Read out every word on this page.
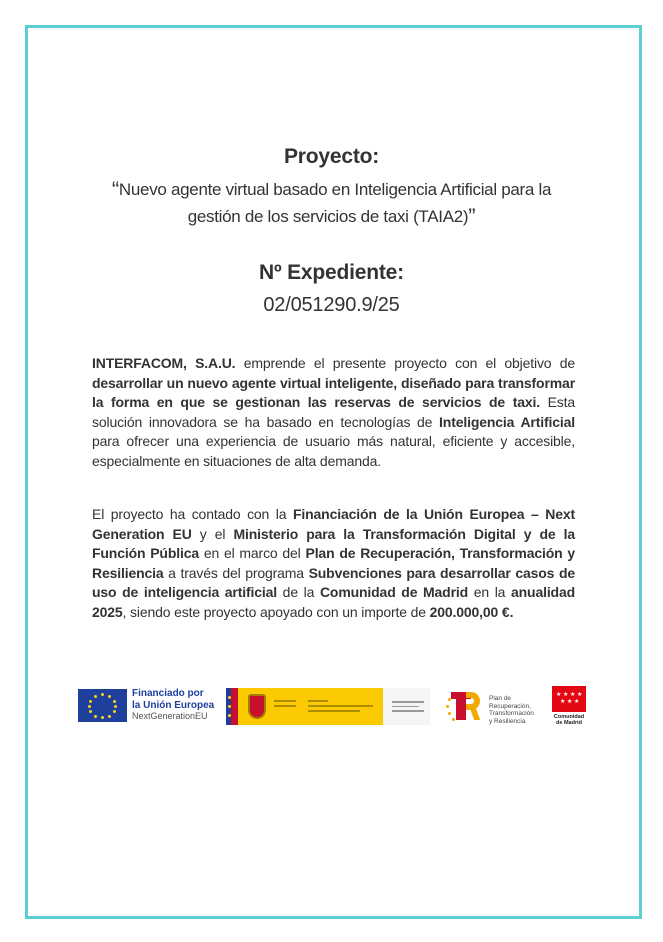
Proyecto:
“Nuevo agente virtual basado en Inteligencia Artificial para la gestión de los servicios de taxi (TAIA2)”
Nº Expediente:
02/051290.9/25
INTERFACOM, S.A.U. emprende el presente proyecto con el objetivo de desarrollar un nuevo agente virtual inteligente, diseñado para transformar la forma en que se gestionan las reservas de servicios de taxi. Esta solución innovadora se ha basado en tecnologías de Inteligencia Artificial para ofrecer una experiencia de usuario más natural, eficiente y accesible, especialmente en situaciones de alta demanda.
El proyecto ha contado con la Financiación de la Unión Europea – Next Generation EU y el Ministerio para la Transformación Digital y de la Función Pública en el marco del Plan de Recuperación, Transformación y Resiliencia a través del programa Subvenciones para desarrollar casos de uso de inteligencia artificial de la Comunidad de Madrid en la anualidad 2025, siendo este proyecto apoyado con un importe de 200.000,00 €.
Financiado por
la Unión Europea
NextGenerationEU
Plan de
Recuperación,
Transformación
y Resiliencia
★ ★ ★ ★
★ ★ ★
Comunidad
de Madrid
